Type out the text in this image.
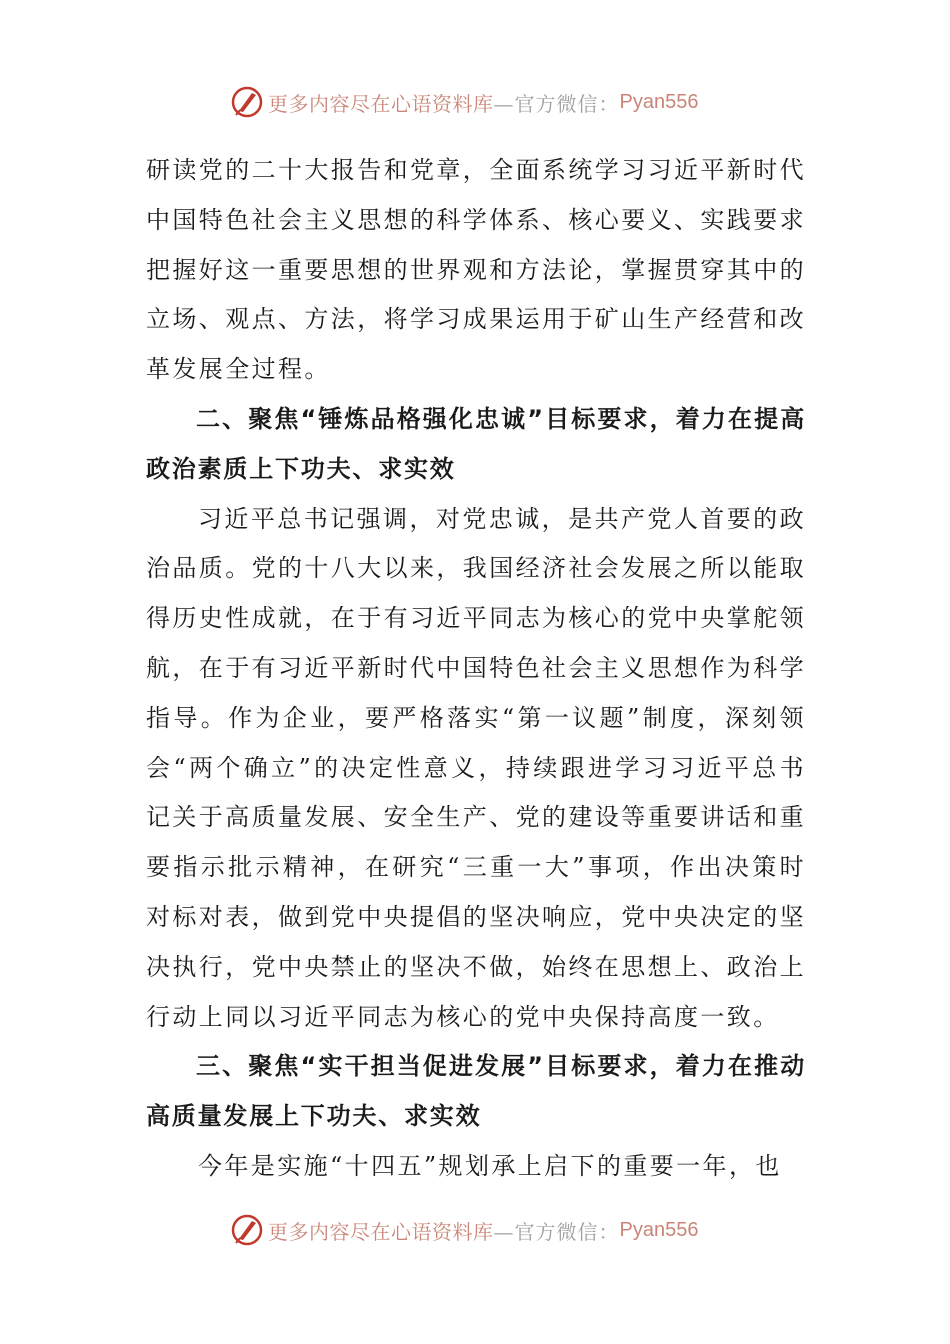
更多内容尽在心语资料库 —官方微信： Pyan556

研读党的二十大报告和党章，全面系统学习习近平新时代中国特色社会主义思想的科学体系、核心要义、实践要求把握好这一重要思想的世界观和方法论，掌握贯穿其中的立场、观点、方法，将学习成果运用于矿山生产经营和改革发展全过程。

二、聚焦“锤炼品格强化忠诚”目标要求，着力在提高政治素质上下功夫、求实效

习近平总书记强调，对党忠诚，是共产党人首要的政治品质。党的十八大以来，我国经济社会发展之所以能取得历史性成就，在于有习近平同志为核心的党中央掌舵领航，在于有习近平新时代中国特色社会主义思想作为科学指导。作为企业，要严格落实“第一议题”制度，深刻领会“两个确立”的决定性意义，持续跟进学习习近平总书记关于高质量发展、安全生产、党的建设等重要讲话和重要指示批示精神，在研究“三重一大”事项，作出决策时对标对表，做到党中央提倡的坚决响应，党中央决定的坚决执行，党中央禁止的坚决不做，始终在思想上、政治上行动上同以习近平同志为核心的党中央保持高度一致。

三、聚焦“实干担当促进发展”目标要求，着力在推动高质量发展上下功夫、求实效

今年是实施“十四五”规划承上启下的重要一年，也

更多内容尽在心语资料库 —官方微信： Pyan556
